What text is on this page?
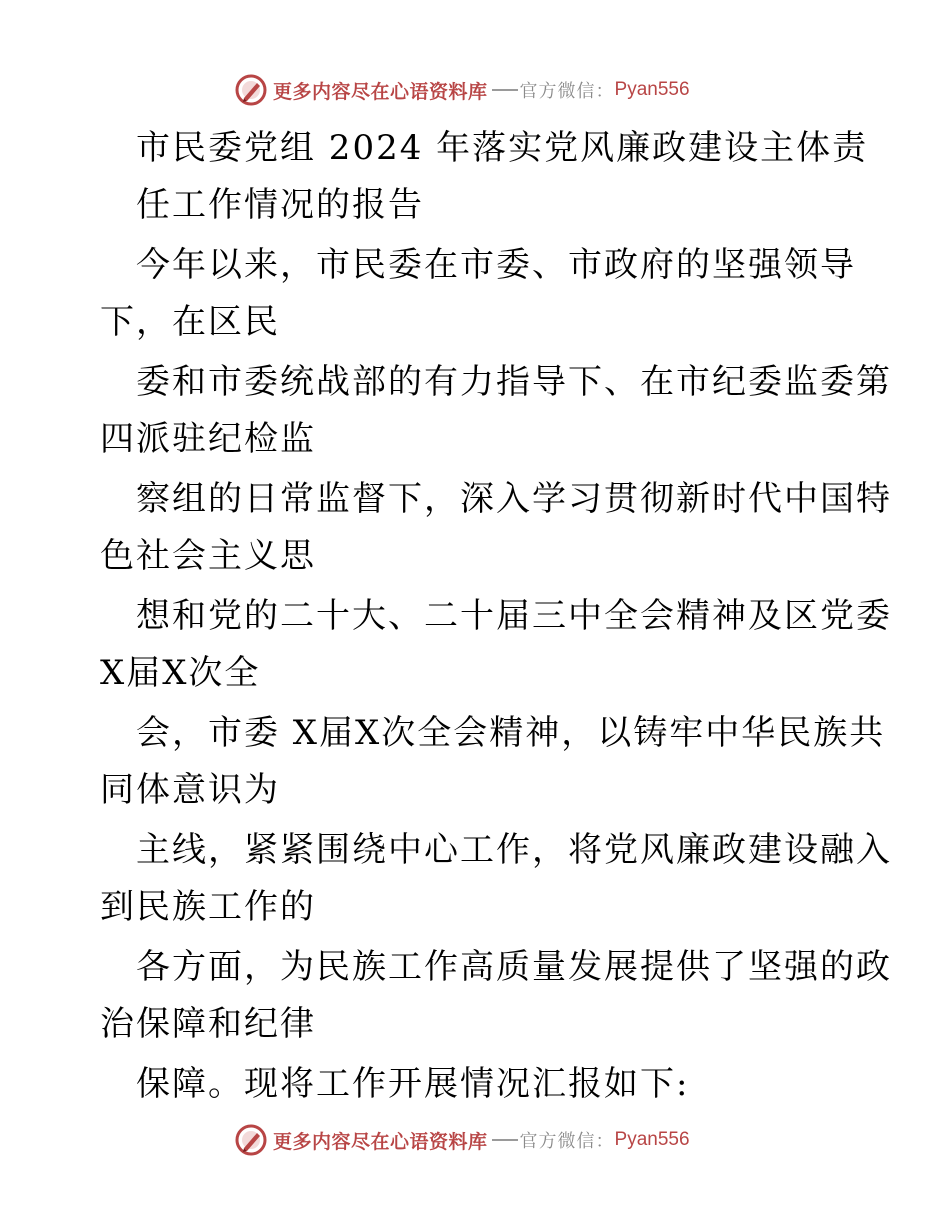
更多内容尽在心语资料库 官方微信： Pyan556
市民委党组 2024 年落实党风廉政建设主体责
任工作情况的报告
今年以来，市民委在市委、市政府的坚强领导
下，在区民
委和市委统战部的有力指导下、在市纪委监委第
四派驻纪检监
察组的日常监督下，深入学习贯彻新时代中国特
色社会主义思
想和党的二十大、二十届三中全会精神及区党委
X届X次全
会，市委 X届X次全会精神，以铸牢中华民族共
同体意识为
主线，紧紧围绕中心工作，将党风廉政建设融入
到民族工作的
各方面，为民族工作高质量发展提供了坚强的政
治保障和纪律
保障。现将工作开展情况汇报如下:
更多内容尽在心语资料库 官方微信： Pyan556
